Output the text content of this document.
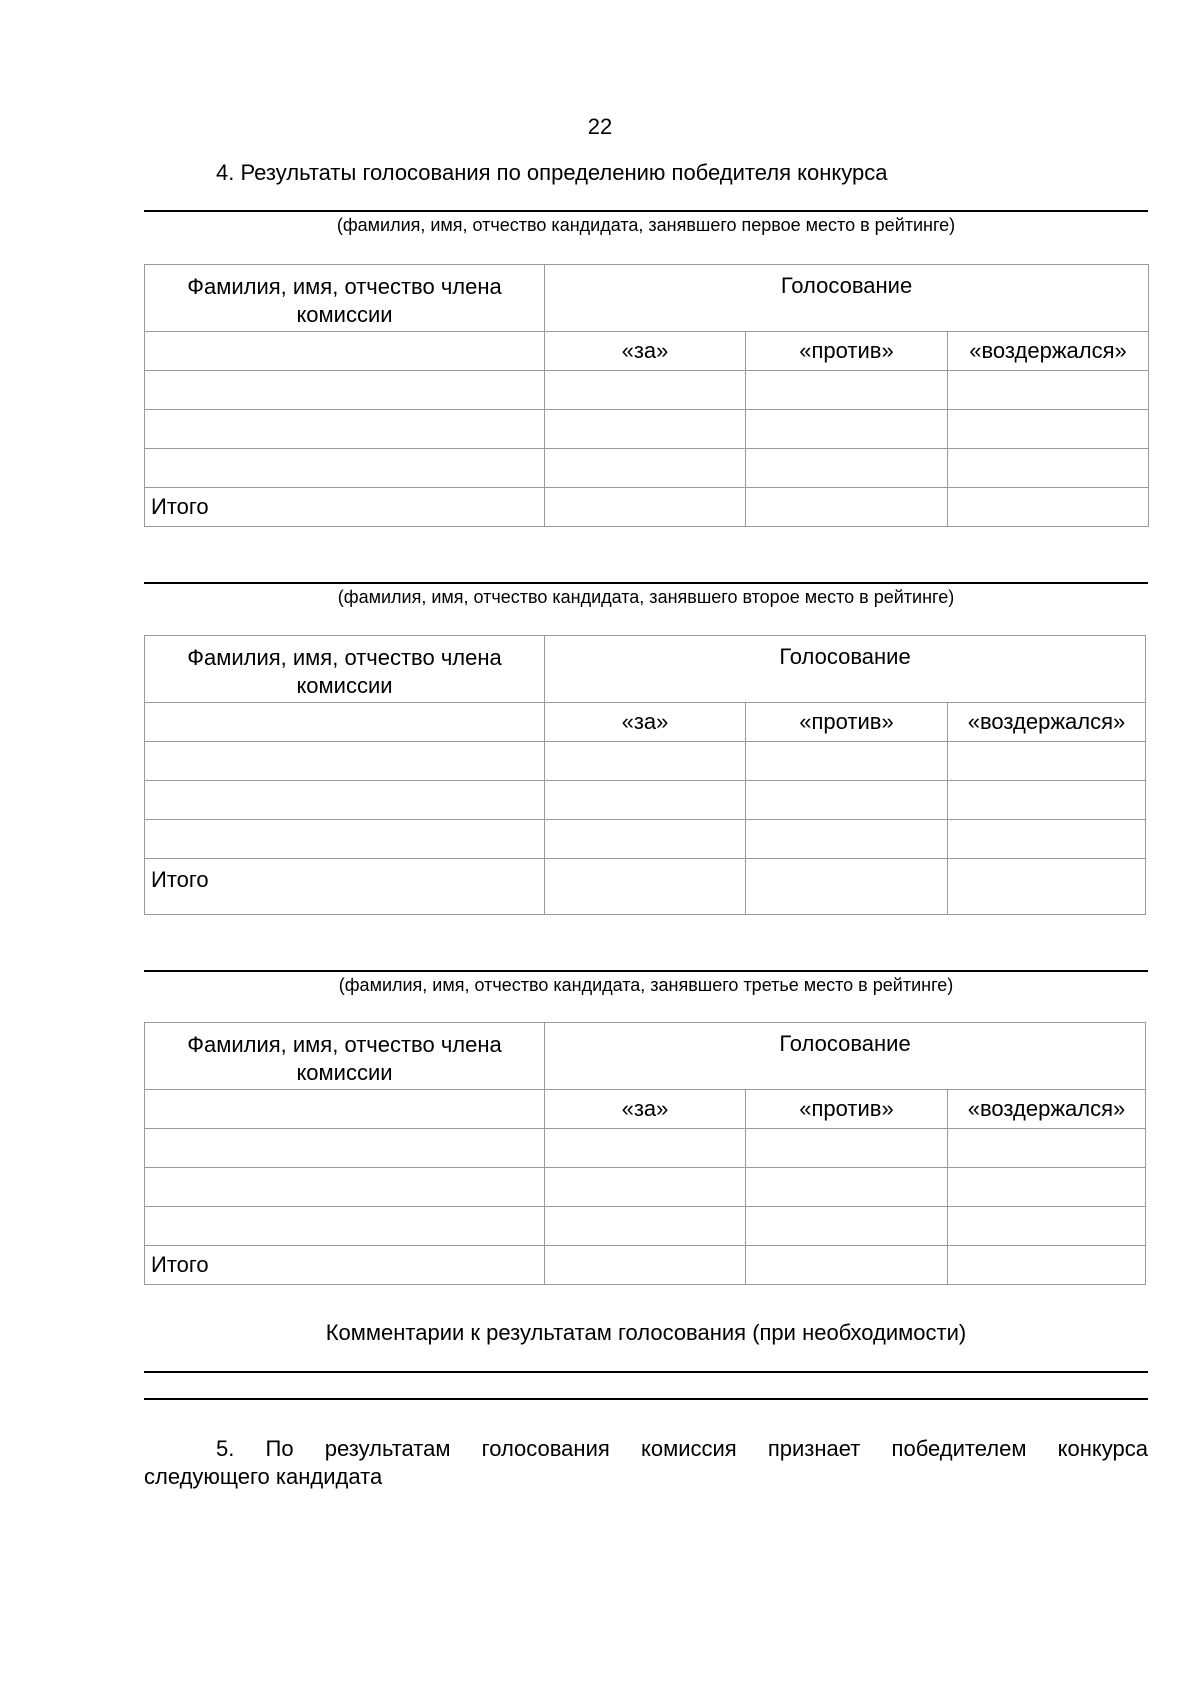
22
4. Результаты голосования по определению победителя конкурса
(фамилия, имя, отчество кандидата, занявшего первое место в рейтинге)
Фамилия, имя, отчество члена комиссии	Голосование		
	«за»	«против»	«воздержался»

Итого			
(фамилия, имя, отчество кандидата, занявшего второе место в рейтинге)
Фамилия, имя, отчество члена комиссии	Голосование		
	«за»	«против»	«воздержался»

Итого			
(фамилия, имя, отчество кандидата, занявшего третье место в рейтинге)
Фамилия, имя, отчество члена комиссии	Голосование		
	«за»	«против»	«воздержался»

Итого			
Комментарии к результатам голосования (при необходимости)
5. По результатам голосования комиссия признает победителем конкурса
следующего кандидата
